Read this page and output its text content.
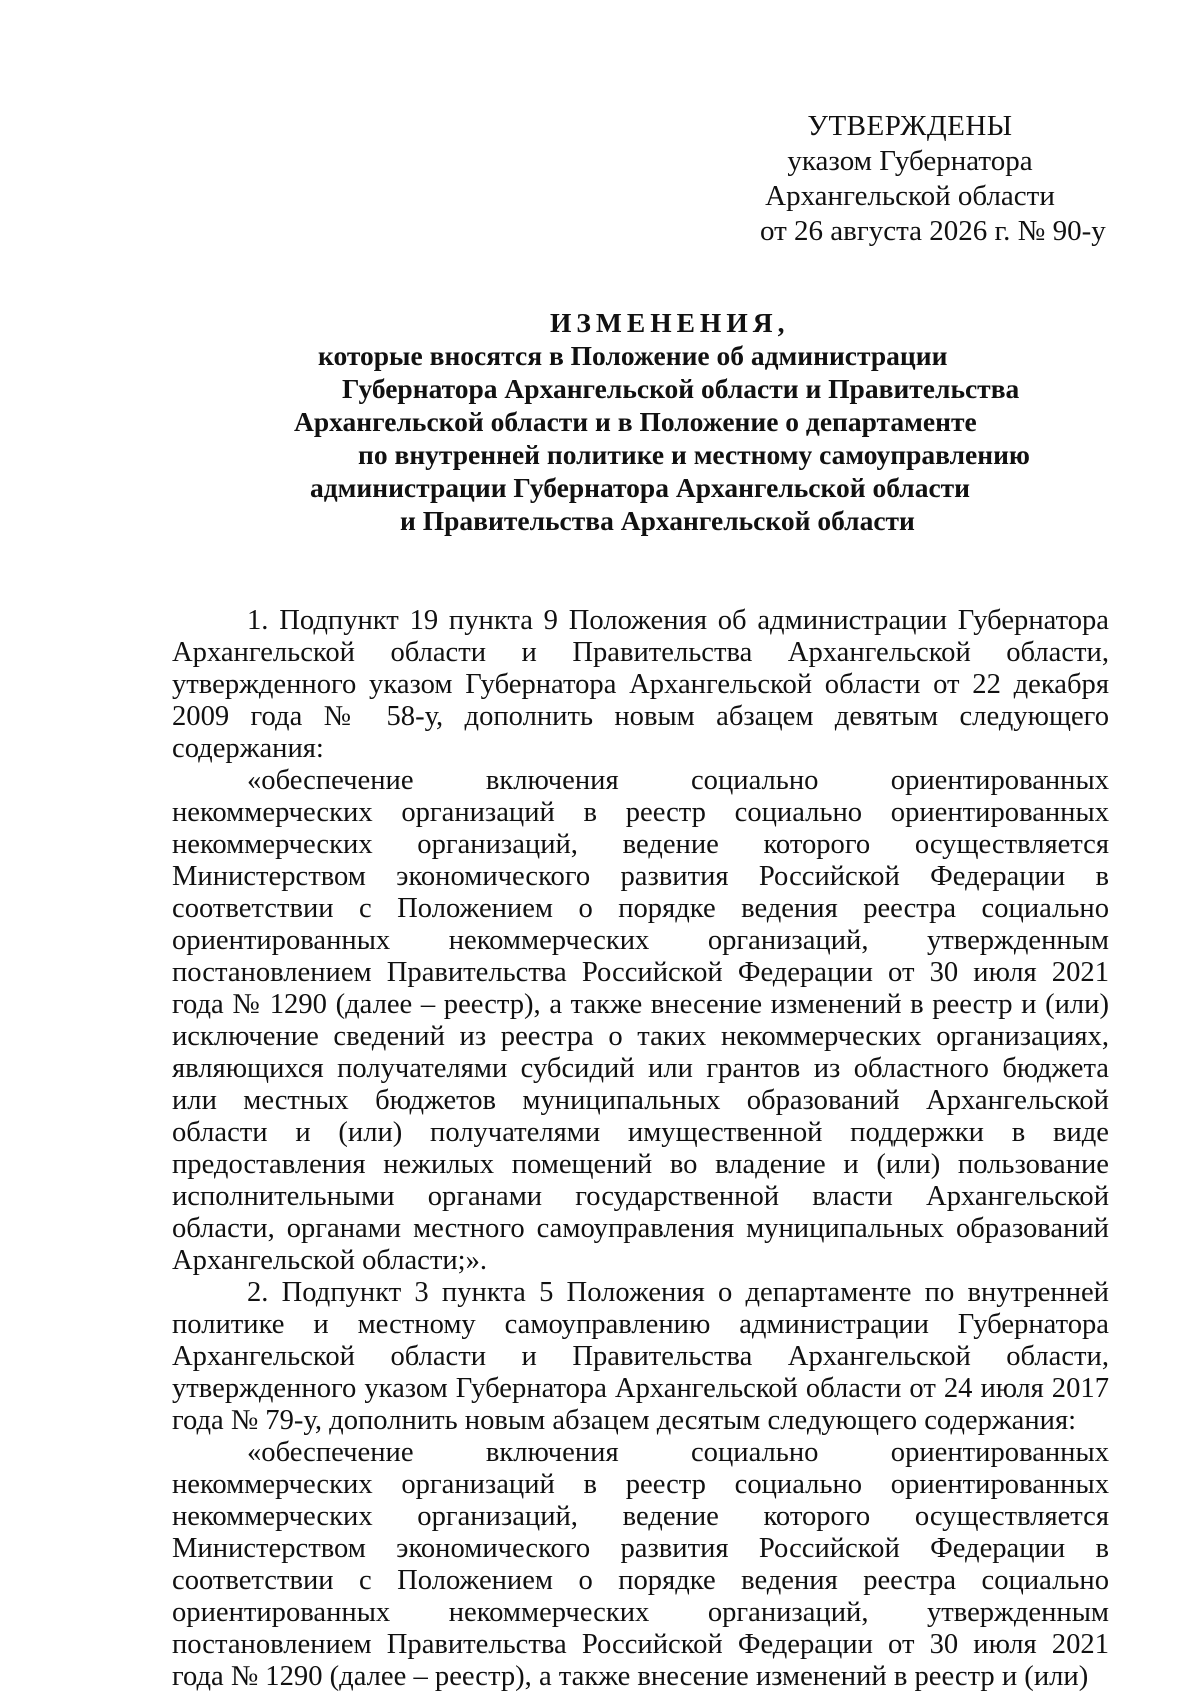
УТВЕРЖДЕНЫ
указом Губернатора
Архангельской области
от 26 августа 2026 г. № 90-у
ИЗМЕНЕНИЯ,
которые вносятся в Положение об администрации
Губернатора Архангельской области и Правительства
Архангельской области и в Положение о департаменте
по внутренней политике и местному самоуправлению
администрации Губернатора Архангельской области
и Правительства Архангельской области

1. Подпункт 19 пункта 9 Положения об администрации Губернатора Архангельской области и Правительства Архангельской области, утвержденного указом Губернатора Архангельской области от 22 декабря 2009 года № 58-у, дополнить новым абзацем девятым следующего содержания:

«обеспечение включения социально ориентированных некоммерческих организаций в реестр социально ориентированных некоммерческих организаций, ведение которого осуществляется Министерством экономического развития Российской Федерации в соответствии с Положением о порядке ведения реестра социально ориентированных некоммерческих организаций, утвержденным постановлением Правительства Российской Федерации от 30 июля 2021 года № 1290 (далее – реестр), а также внесение изменений в реестр и (или) исключение сведений из реестра о таких некоммерческих организациях, являющихся получателями субсидий или грантов из областного бюджета или местных бюджетов муниципальных образований Архангельской области и (или) получателями имущественной поддержки в виде предоставления нежилых помещений во владение и (или) пользование исполнительными органами государственной власти Архангельской области, органами местного самоуправления муниципальных образований Архангельской области;».

2. Подпункт 3 пункта 5 Положения о департаменте по внутренней политике и местному самоуправлению администрации Губернатора Архангельской области и Правительства Архангельской области, утвержденного указом Губернатора Архангельской области от 24 июля 2017 года № 79-у, дополнить новым абзацем десятым следующего содержания:

«обеспечение включения социально ориентированных некоммерческих организаций в реестр социально ориентированных некоммерческих организаций, ведение которого осуществляется Министерством экономического развития Российской Федерации в соответствии с Положением о порядке ведения реестра социально ориентированных некоммерческих организаций, утвержденным постановлением Правительства Российской Федерации от 30 июля 2021 года № 1290 (далее – реестр), а также внесение изменений в реестр и (или)
